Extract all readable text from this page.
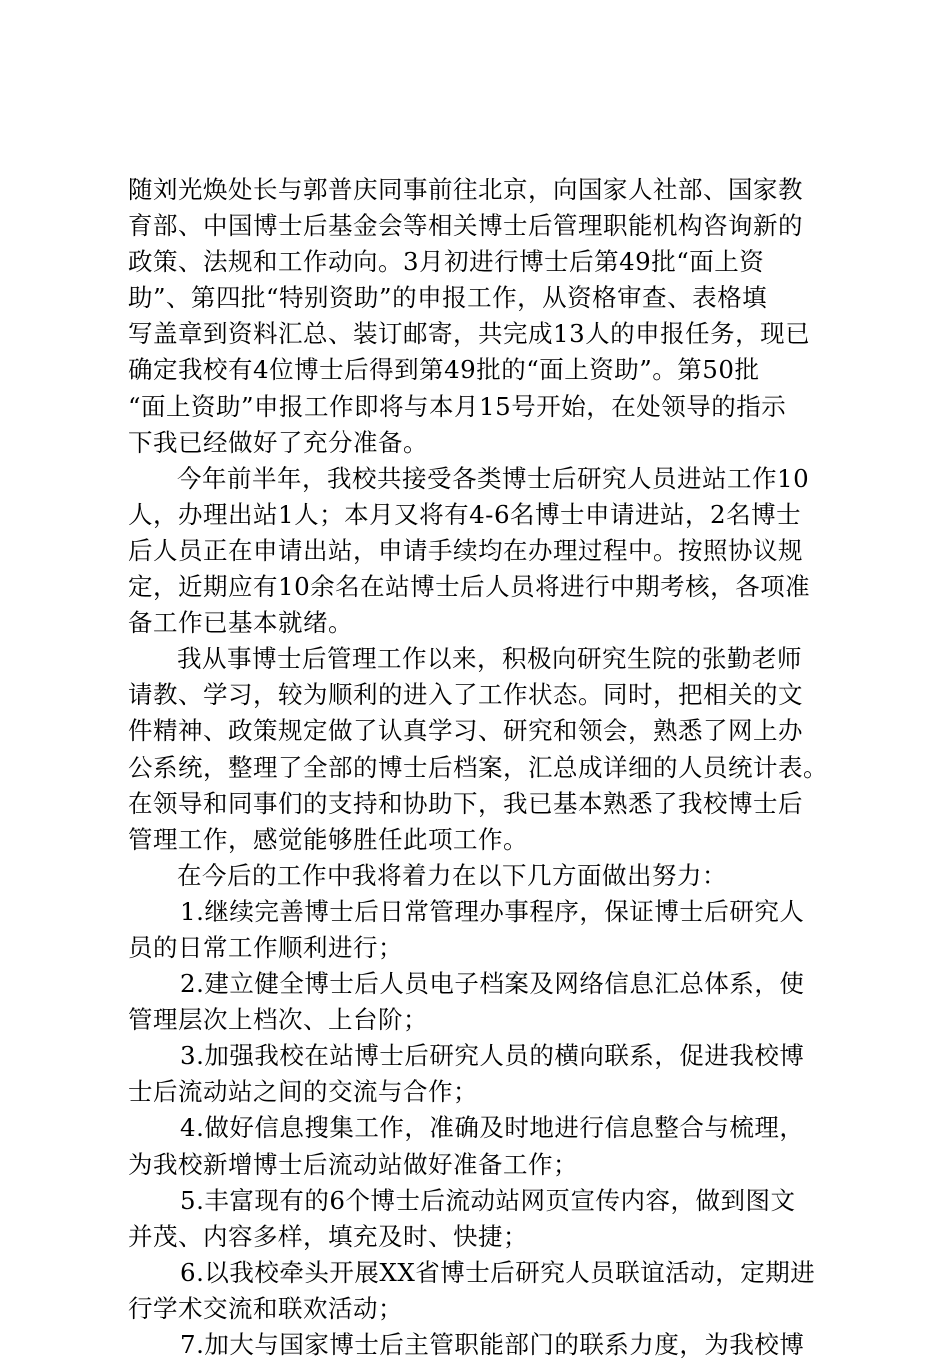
随刘光焕处长与郭普庆同事前往北京，向国家人社部、国家教
育部、中国博士后基金会等相关博士后管理职能机构咨询新的
政策、法规和工作动向。3月初进行博士后第49批“面上资
助”、第四批“特别资助”的申报工作，从资格审查、表格填
写盖章到资料汇总、装订邮寄，共完成13人的申报任务，现已
确定我校有4位博士后得到第49批的“面上资助”。第50批
“面上资助”申报工作即将与本月15号开始，在处领导的指示
下我已经做好了充分准备。
今年前半年，我校共接受各类博士后研究人员进站工作10
人，办理出站1人；本月又将有4-6名博士申请进站，2名博士
后人员正在申请出站，申请手续均在办理过程中。按照协议规
定，近期应有10余名在站博士后人员将进行中期考核，各项准
备工作已基本就绪。
我从事博士后管理工作以来，积极向研究生院的张勤老师
请教、学习，较为顺利的进入了工作状态。同时，把相关的文
件精神、政策规定做了认真学习、研究和领会，熟悉了网上办
公系统，整理了全部的博士后档案，汇总成详细的人员统计表。
在领导和同事们的支持和协助下，我已基本熟悉了我校博士后
管理工作，感觉能够胜任此项工作。
在今后的工作中我将着力在以下几方面做出努力：
1.继续完善博士后日常管理办事程序，保证博士后研究人
员的日常工作顺利进行；
2.建立健全博士后人员电子档案及网络信息汇总体系，使
管理层次上档次、上台阶；
3.加强我校在站博士后研究人员的横向联系，促进我校博
士后流动站之间的交流与合作；
4.做好信息搜集工作，准确及时地进行信息整合与梳理，
为我校新增博士后流动站做好准备工作；
5.丰富现有的6个博士后流动站网页宣传内容，做到图文
并茂、内容多样，填充及时、快捷；
6.以我校牵头开展XX省博士后研究人员联谊活动，定期进
行学术交流和联欢活动；
7.加大与国家博士后主管职能部门的联系力度，为我校博
